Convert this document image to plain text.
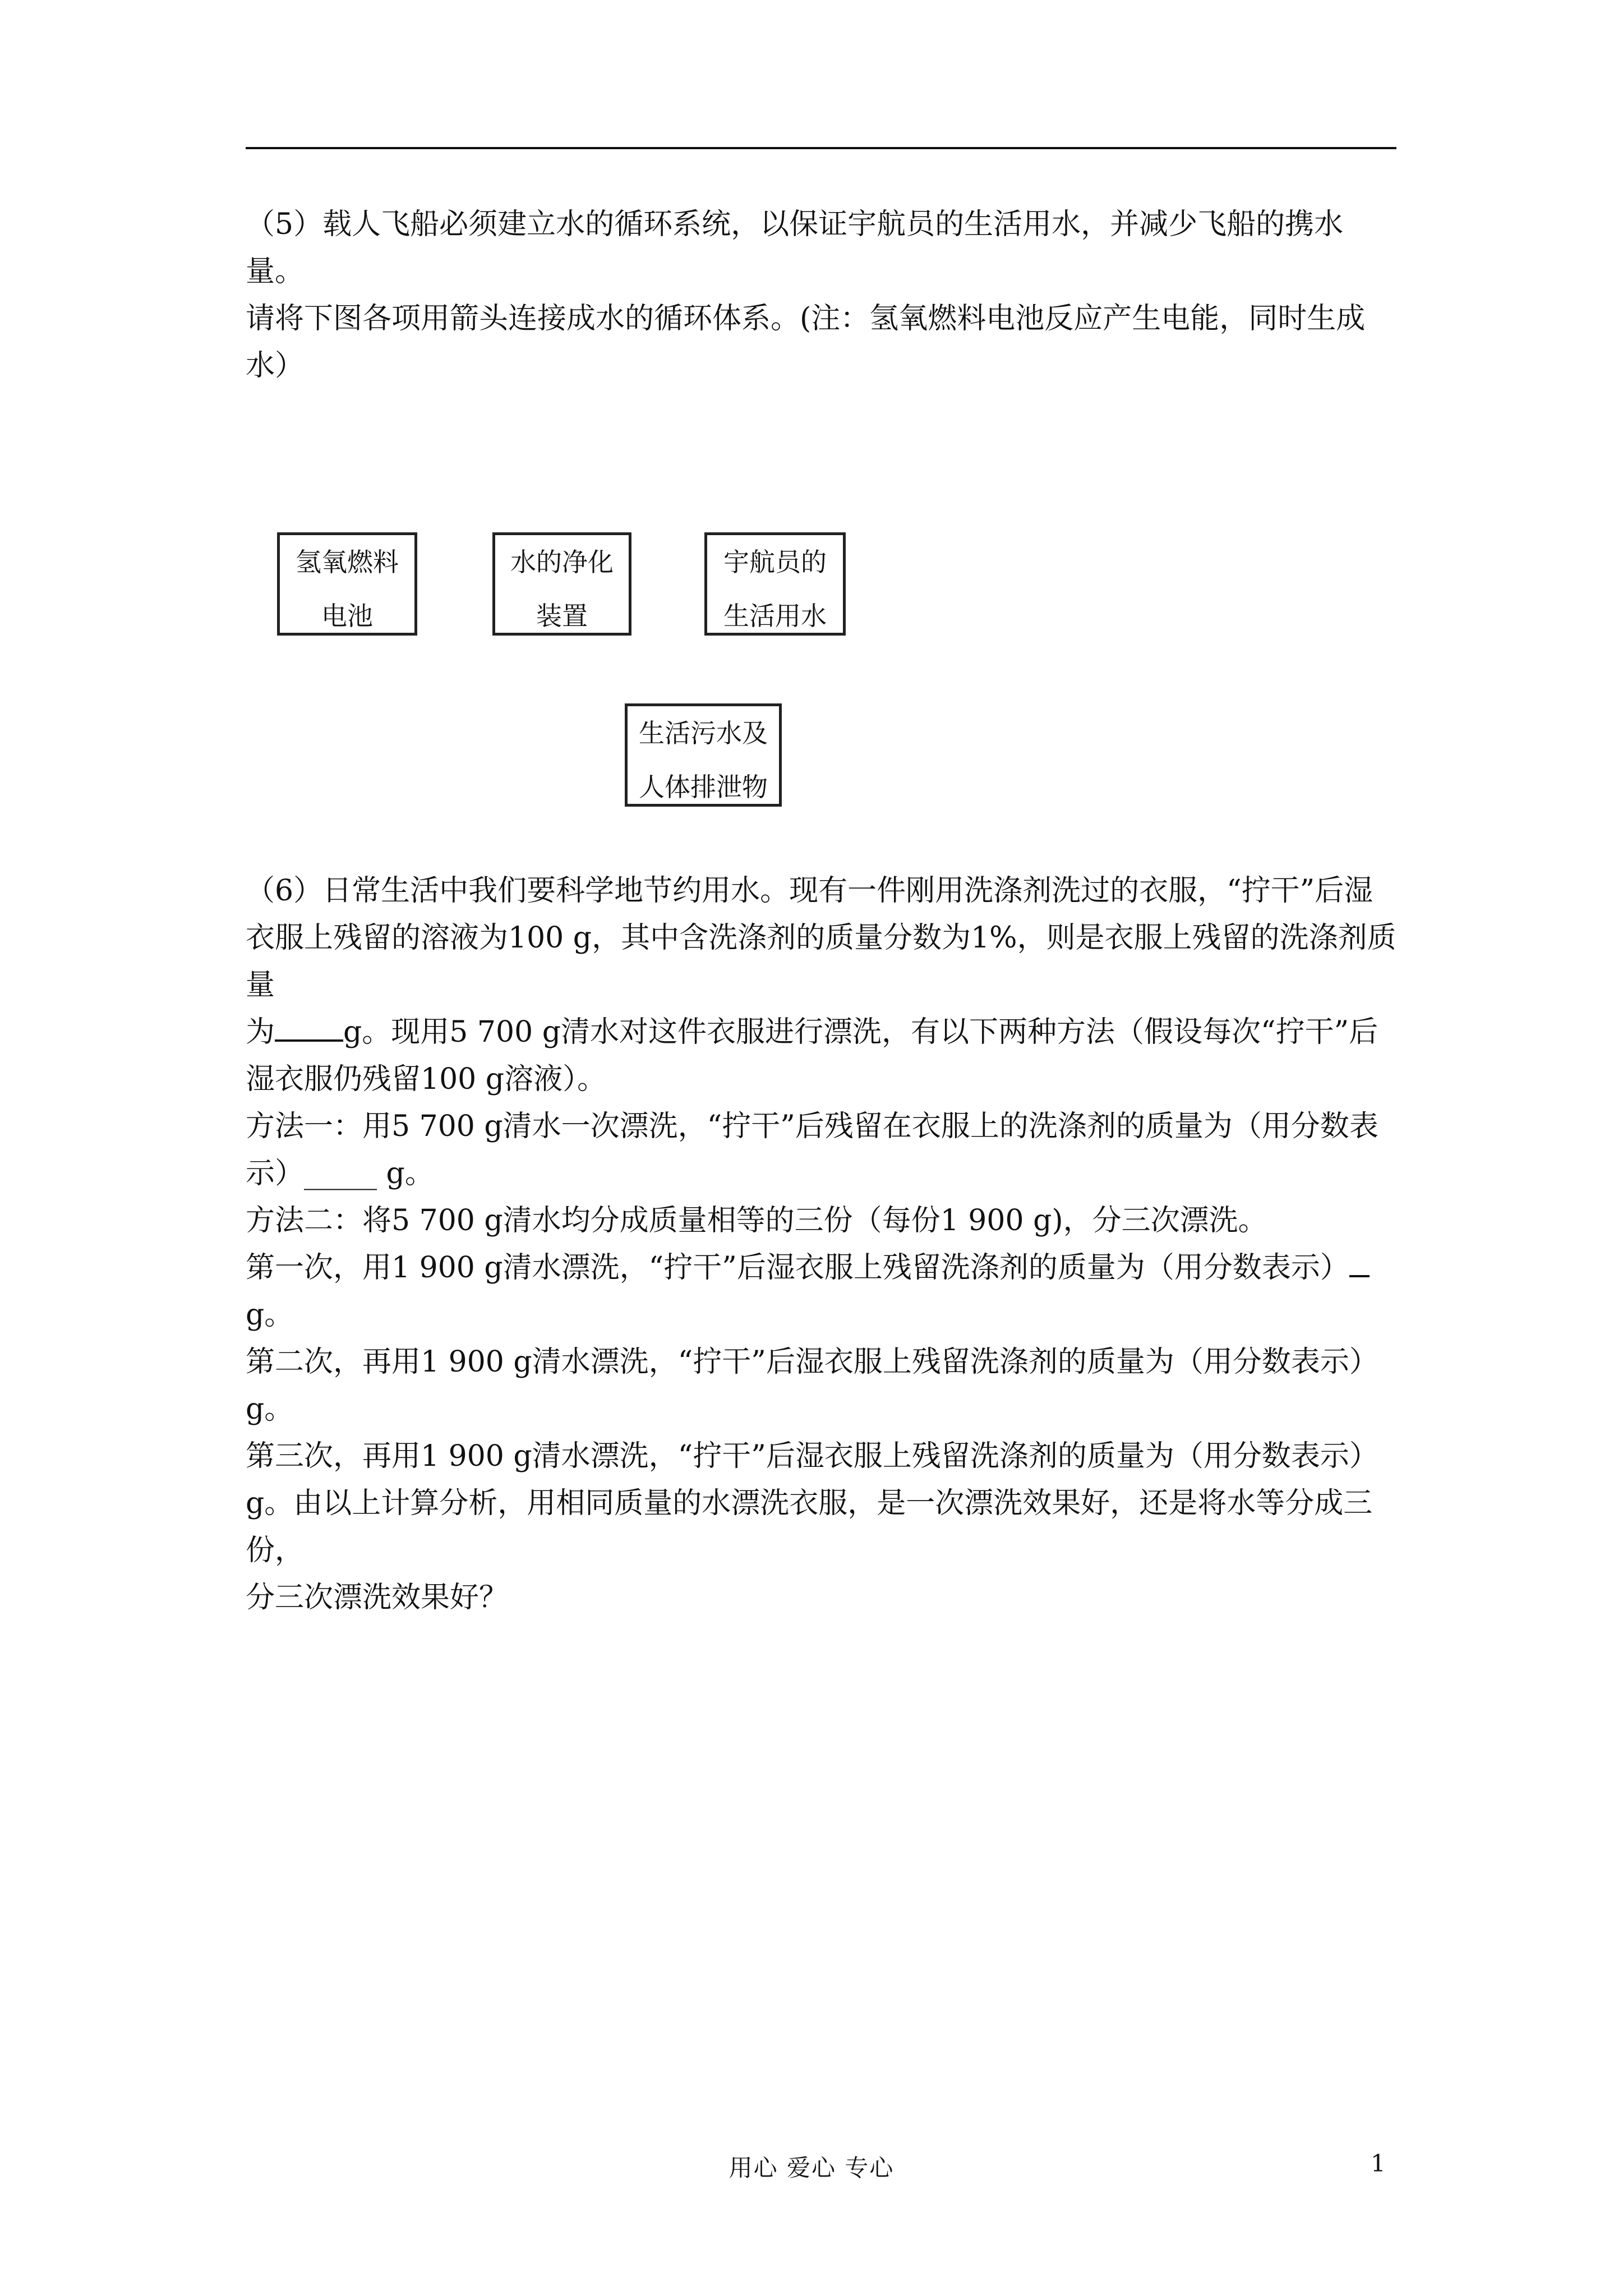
（5）载人飞船必须建立水的循环系统，以保证宇航员的生活用水，并减少飞船的携水量。

请将下图各项用箭头连接成水的循环体系。(注：氢氧燃料电池反应产生电能，同时生成水）

氢氧燃料
电池
水的净化
装置
宇航员的
生活用水
生活污水及
人体排泄物

（6）日常生活中我们要科学地节约用水。现有一件刚用洗涤剂洗过的衣服，“拧干”后湿

衣服上残留的溶液为100 g，其中含洗涤剂的质量分数为1%，则是衣服上残留的洗涤剂质量

为 g。现用5 700 g清水对这件衣服进行漂洗，有以下两种方法（假设每次“拧干”后

湿衣服仍残留100 g溶液）。

方法一：用5 700 g清水一次漂洗，“拧干”后残留在衣服上的洗涤剂的质量为（用分数表

示）_____ g。

方法二：将5 700 g清水均分成质量相等的三份（每份1 900 g)，分三次漂洗。

第一次，用1 900 g清水漂洗，“拧干”后湿衣服上残留洗涤剂的质量为（用分数表示）

g。

第二次，再用1 900 g清水漂洗，“拧干”后湿衣服上残留洗涤剂的质量为（用分数表示）

g。

第三次，再用1 900 g清水漂洗，“拧干”后湿衣服上残留洗涤剂的质量为（用分数表示）

g。由以上计算分析，用相同质量的水漂洗衣服，是一次漂洗效果好，还是将水等分成三份，

分三次漂洗效果好？

用心 爱心 专心	1
